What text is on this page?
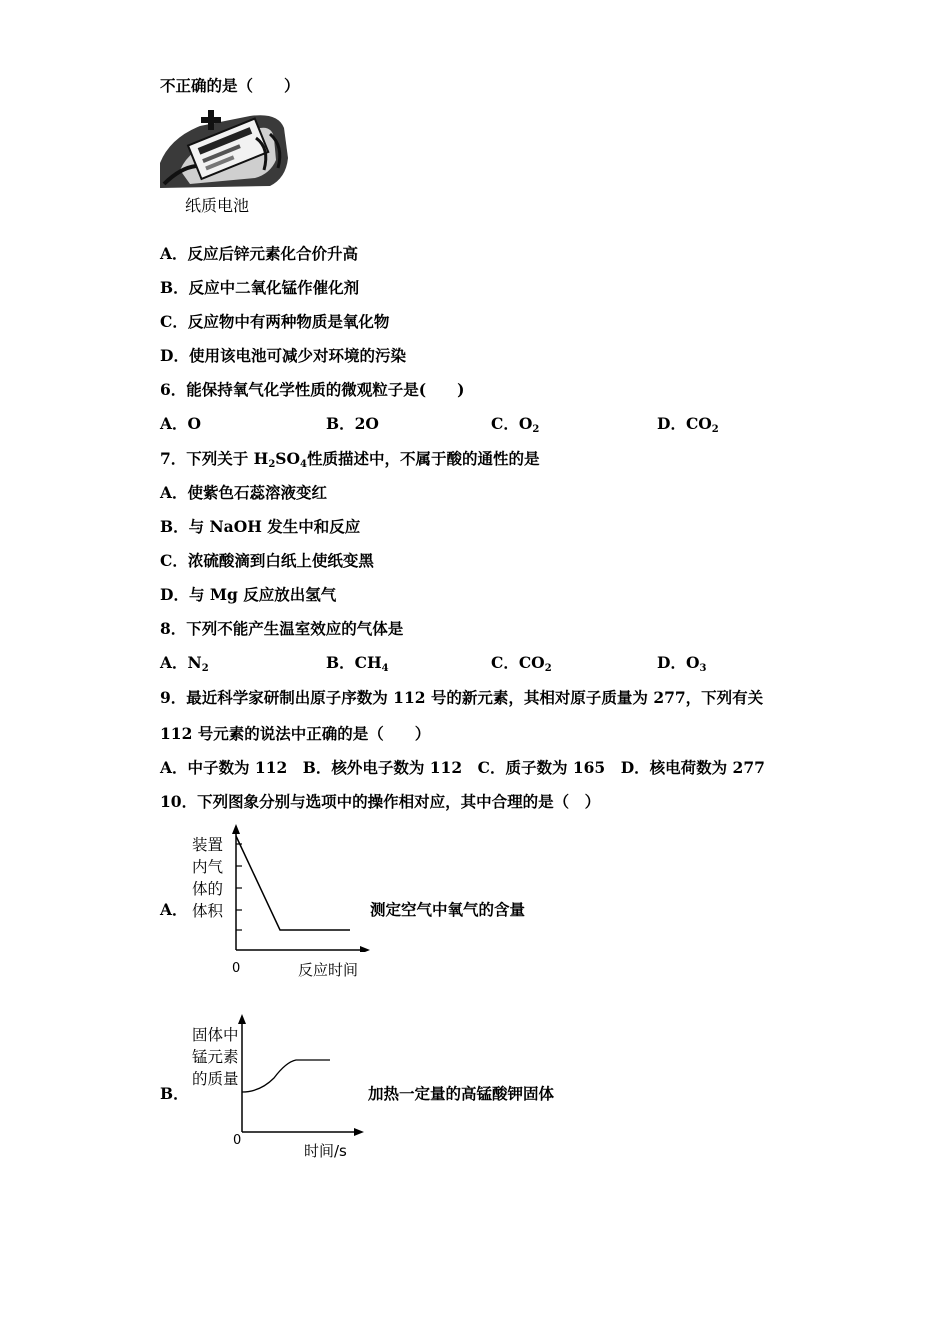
不正确的是（　　）
纸质电池
A．反应后锌元素化合价升高
B．反应中二氧化锰作催化剂
C．反应物中有两种物质是氧化物
D．使用该电池可减少对环境的污染
6．能保持氧气化学性质的微观粒子是(　　)
A．O	B．2O	C．$O_2$	D．$CO_2$
7．下列关于 $H_2SO_4$性质描述中，不属于酸的通性的是
A．使紫色石蕊溶液变红
B．与 NaOH 发生中和反应
C．浓硫酸滴到白纸上使纸变黑
D．与 Mg 反应放出氢气
8．下列不能产生温室效应的气体是
A．$N_2$	B．$CH_4$	C．$CO_2$	D．$O_3$
9．最近科学家研制出原子序数为 112 号的新元素，其相对原子质量为 277，下列有关
112 号元素的说法中正确的是（　　）
A．中子数为 112　B．核外电子数为 112　C．质子数为 165　D．核电荷数为 277
10．下列图象分别与选项中的操作相对应，其中合理的是（　）
A．
装置
内气
体的
体积
0	反应时间
测定空气中氧气的含量
B．
固体中
锰元素
的质量
0
时间/s
加热一定量的高锰酸钾固体
